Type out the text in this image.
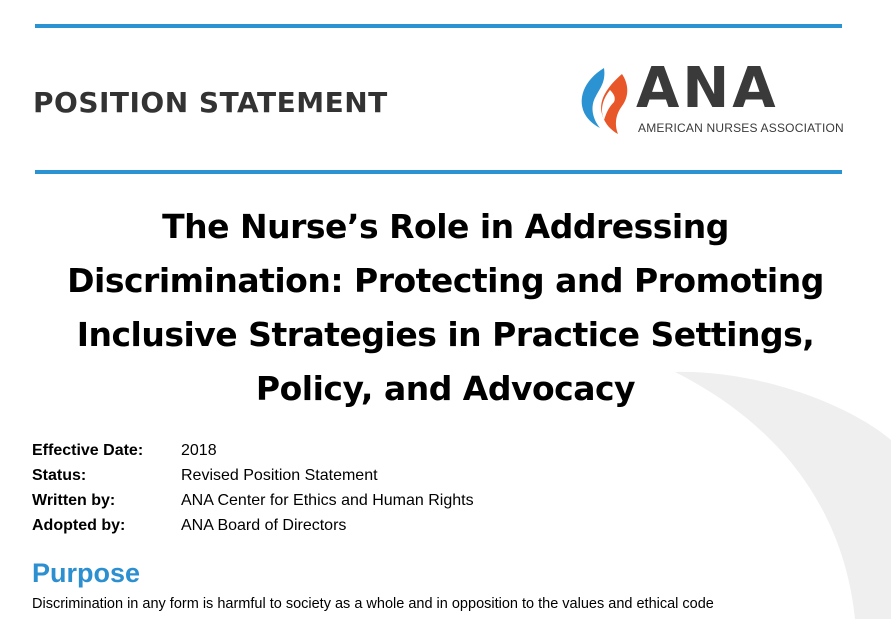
POSITION STATEMENT	ANA
AMERICAN NURSES ASSOCIATION
The Nurse’s Role in Addressing Discrimination: Protecting and Promoting Inclusive Strategies in Practice Settings, Policy, and Advocacy
Effective Date:	2018
Status:	Revised Position Statement
Written by:	ANA Center for Ethics and Human Rights
Adopted by:	ANA Board of Directors
Purpose

Discrimination in any form is harmful to society as a whole and in opposition to the values and ethical code
